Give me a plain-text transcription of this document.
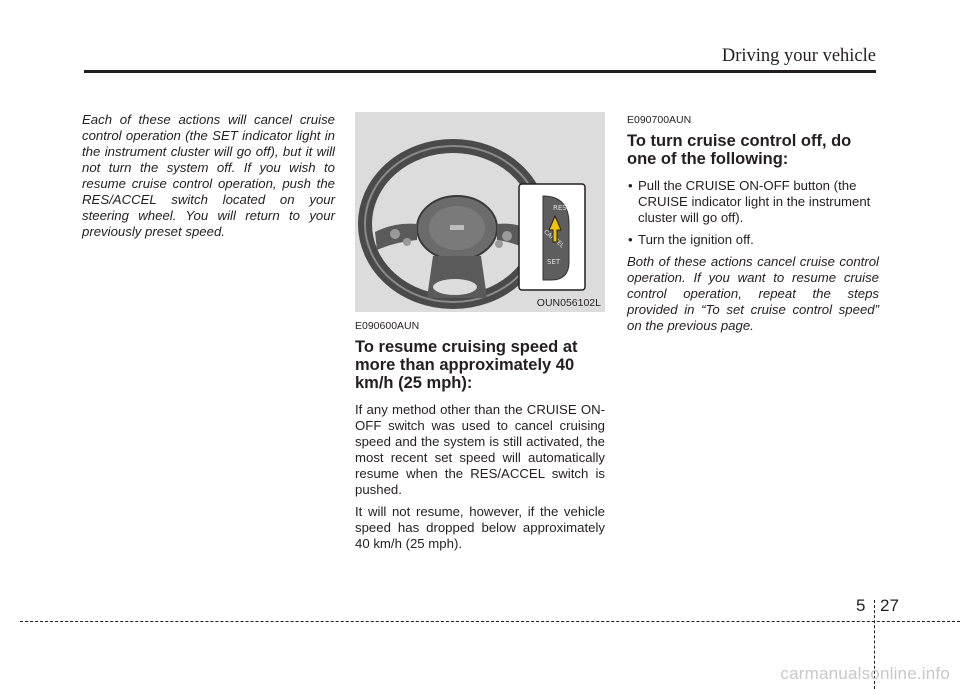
Driving your vehicle

Each of these actions will cancel cruise control operation (the SET indicator light in the instrument cluster will go off), but it will not turn the system off. If you wish to resume cruise control operation, push the RES/ACCEL switch located on your steering wheel. You will return to your previously preset speed.

RES
SET
OUN056102L

E090600AUN

To resume cruising speed at more than approximately 40 km/h (25 mph):

If any method other than the CRUISE ON-OFF switch was used to cancel cruising speed and the system is still activated, the most recent set speed will automatically resume when the RES/ACCEL switch is pushed.

It will not resume, however, if the vehicle speed has dropped below approximately 40 km/h (25 mph).

E090700AUN

To turn cruise control off, do one of the following:
• Pull the CRUISE ON-OFF button (the CRUISE indicator light in the instrument cluster will go off).
• Turn the ignition off.

Both of these actions cancel cruise control operation. If you want to resume cruise control operation, repeat the steps provided in “To set cruise control speed” on the previous page.

5 27
carmanualsonline.info
